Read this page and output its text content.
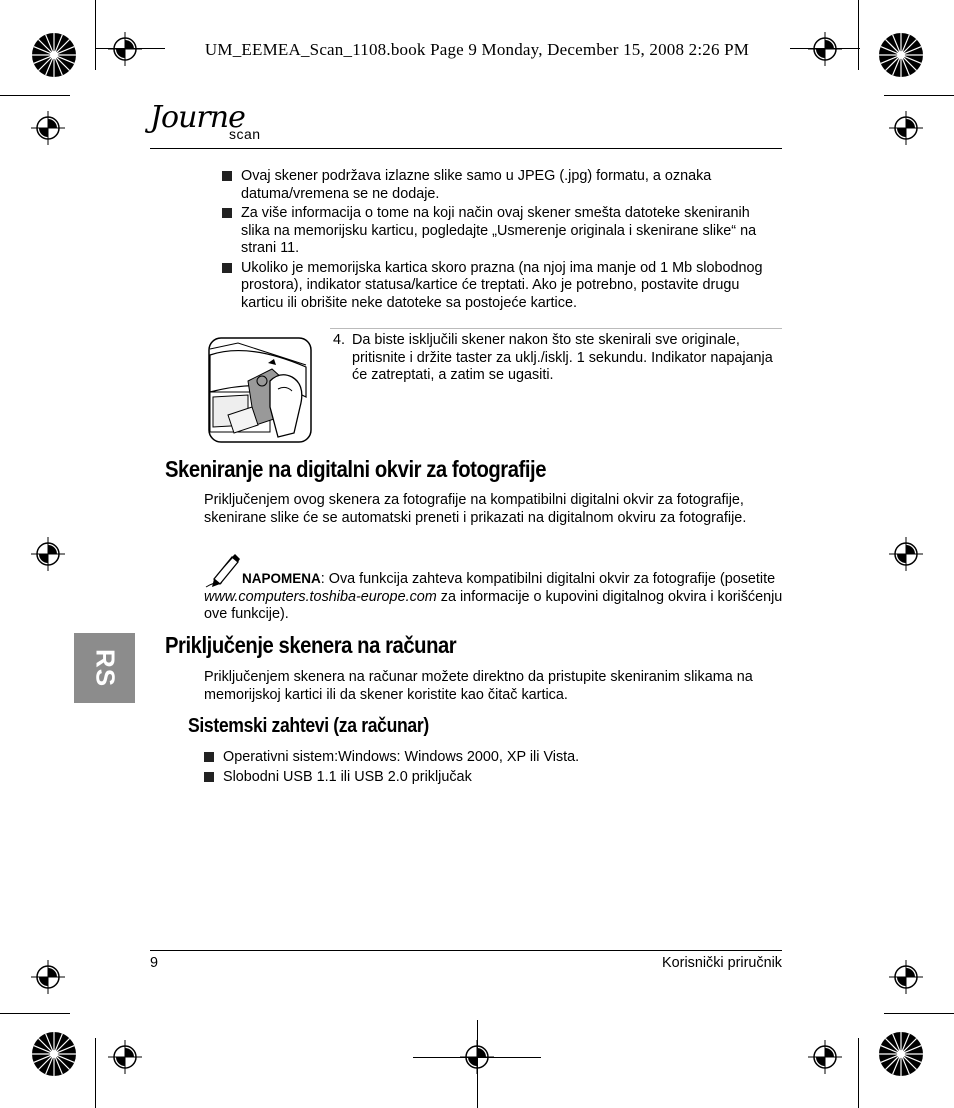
UM_EEMEA_Scan_1108.book Page 9 Monday, December 15, 2008 2:26 PM
Journe
scan
Ovaj skener podržava izlazne slike samo u JPEG (.jpg) formatu, a oznaka datuma/vremena se ne dodaje.
Za više informacija o tome na koji način ovaj skener smešta datoteke skeniranih slika na memorijsku karticu, pogledajte „Usmerenje originala i skenirane slike“ na strani 11.
Ukoliko je memorijska kartica skoro prazna (na njoj ima manje od 1 Mb slobodnog prostora), indikator statusa/kartice će treptati. Ako je potrebno, postavite drugu karticu ili obrišite neke datoteke sa postojeće kartice.
4. Da biste isključili skener nakon što ste skenirali sve originale, pritisnite i držite taster za uklj./isklj. 1 sekundu. Indikator napajanja će zatreptati, a zatim se ugasiti.
Skeniranje na digitalni okvir za fotografije

Priključenjem ovog skenera za fotografije na kompatibilni digitalni okvir za fotografije, skenirane slike će se automatski preneti i prikazati na digitalnom okviru za fotografije.

NAPOMENA: Ova funkcija zahteva kompatibilni digitalni okvir za fotografije (posetite www.computers.toshiba-europe.com za informacije o kupovini digitalnog okvira i korišćenju ove funkcije).
RS
Priključenje skenera na računar

Priključenjem skenera na računar možete direktno da pristupite skeniranim slikama na memorijskoj kartici ili da skener koristite kao čitač kartica.

Sistemski zahtevi (za računar)
Operativni sistem:Windows: Windows 2000, XP ili Vista.
Slobodni USB 1.1 ili USB 2.0 priključak
9	Korisnički priručnik
